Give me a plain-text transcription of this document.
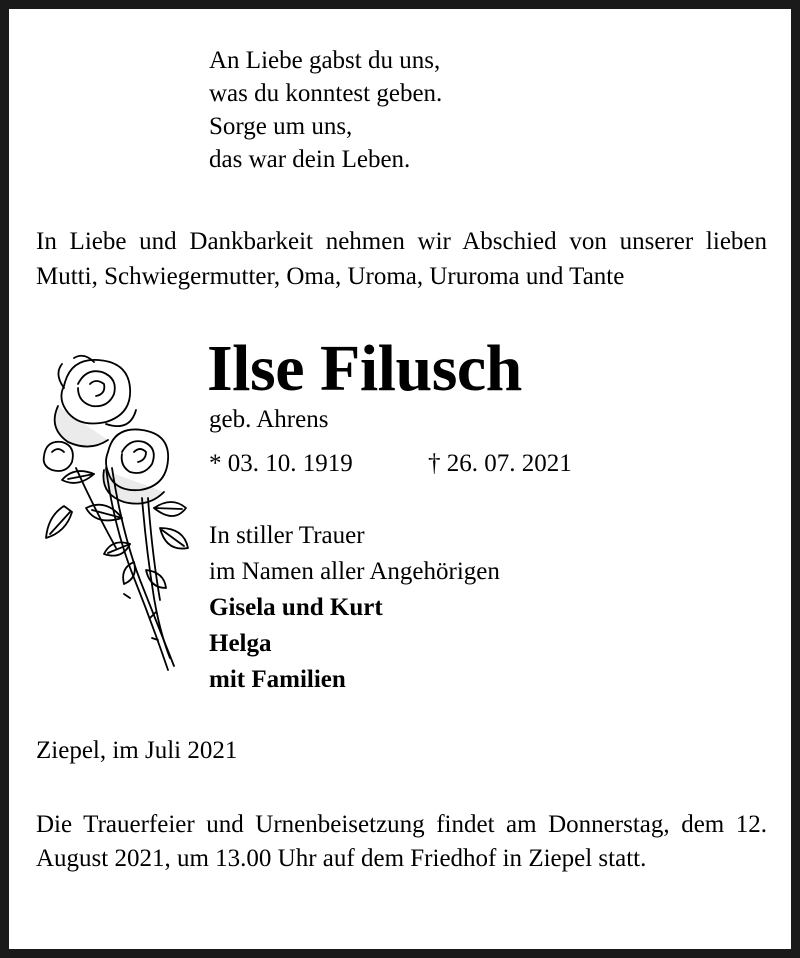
An Liebe gabst du uns,
was du konntest geben.
Sorge um uns,
das war dein Leben.
In Liebe und Dankbarkeit nehmen wir Abschied von unserer lieben Mutti, Schwiegermutter, Oma, Uroma, Ururoma und Tante
Ilse Filusch
geb. Ahrens
* 03. 10. 1919	† 26. 07. 2021
In stiller Trauer
im Namen aller Angehörigen
Gisela und Kurt
Helga
mit Familien
Ziepel, im Juli 2021
Die Trauerfeier und Urnenbeisetzung findet am Donnerstag, dem 12. August 2021, um 13.00 Uhr auf dem Friedhof in Ziepel statt.
